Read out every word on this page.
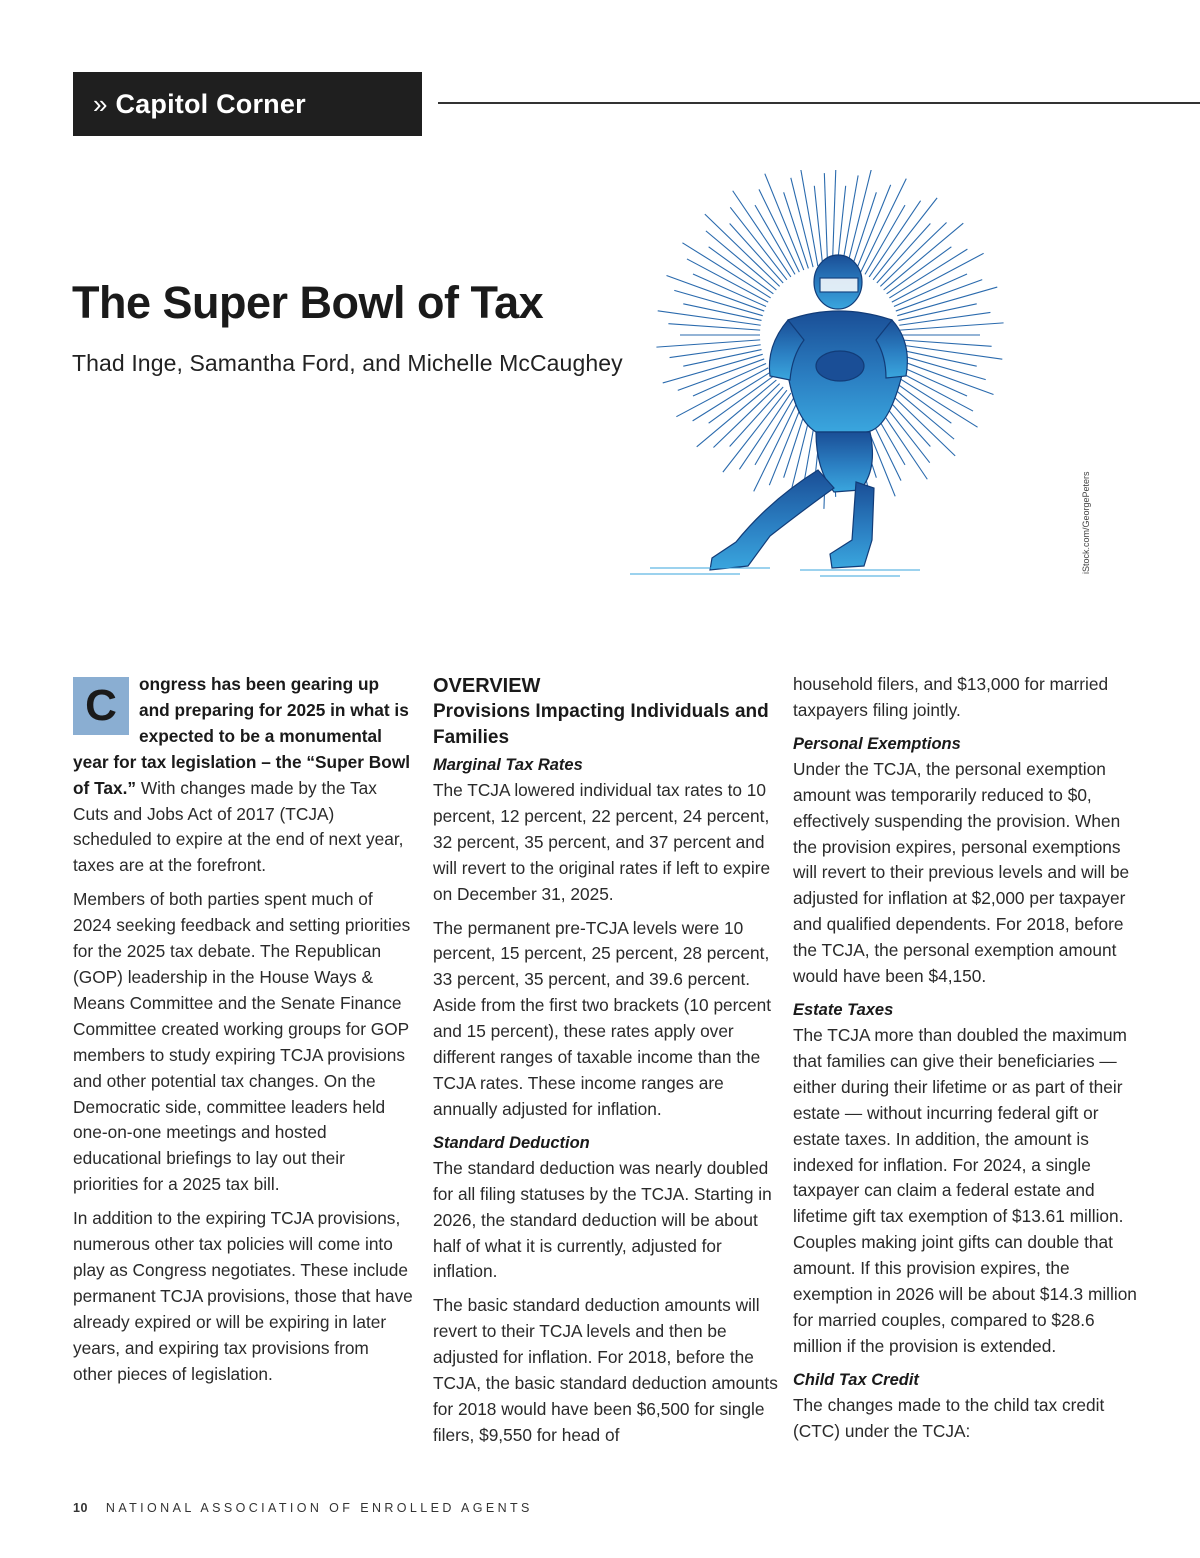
» Capitol Corner
The Super Bowl of Tax
Thad Inge, Samantha Ford, and Michelle McCaughey
iStock.com/GeorgePeters

C	ongress has been gearing up and preparing for 2025 in what is expected to be a monumental year for tax legislation – the “Super Bowl of Tax.” With changes made by the Tax Cuts and Jobs Act of 2017 (TCJA) scheduled to expire at the end of next year, taxes are at the forefront.

Members of both parties spent much of 2024 seeking feedback and setting priorities for the 2025 tax debate. The Republican (GOP) leadership in the House Ways & Means Committee and the Senate Finance Committee created working groups for GOP members to study expiring TCJA provisions and other potential tax changes. On the Democratic side, committee leaders held one-on-one meetings and hosted educational briefings to lay out their priorities for a 2025 tax bill.

In addition to the expiring TCJA provisions, numerous other tax policies will come into play as Congress negotiates. These include permanent TCJA provisions, those that have already expired or will be expiring in later years, and expiring tax provisions from other pieces of legislation.

OVERVIEW
Provisions Impacting Individuals and Families
Marginal Tax Rates

The TCJA lowered individual tax rates to 10 percent, 12 percent, 22 percent, 24 percent, 32 percent, 35 percent, and 37 percent and will revert to the original rates if left to expire on December 31, 2025.

The permanent pre-TCJA levels were 10 percent, 15 percent, 25 percent, 28 percent, 33 percent, 35 percent, and 39.6 percent. Aside from the first two brackets (10 percent and 15 percent), these rates apply over different ranges of taxable income than the TCJA rates. These income ranges are annually adjusted for inflation.

Standard Deduction

The standard deduction was nearly doubled for all filing statuses by the TCJA. Starting in 2026, the standard deduction will be about half of what it is currently, adjusted for inflation.

The basic standard deduction amounts will revert to their TCJA levels and then be adjusted for inflation. For 2018, before the TCJA, the basic standard deduction amounts for 2018 would have been $6,500 for single filers, $9,550 for head of

household filers, and $13,000 for married taxpayers filing jointly.

Personal Exemptions

Under the TCJA, the personal exemption amount was temporarily reduced to $0, effectively suspending the provision. When the provision expires, personal exemptions will revert to their previous levels and will be adjusted for inflation at $2,000 per taxpayer and qualified dependents. For 2018, before the TCJA, the personal exemption amount would have been $4,150.

Estate Taxes

The TCJA more than doubled the maximum that families can give their beneficiaries — either during their lifetime or as part of their estate — without incurring federal gift or estate taxes. In addition, the amount is indexed for inflation. For 2024, a single taxpayer can claim a federal estate and lifetime gift tax exemption of $13.61 million. Couples making joint gifts can double that amount. If this provision expires, the exemption in 2026 will be about $14.3 million for married couples, compared to $28.6 million if the provision is extended.

Child Tax Credit

The changes made to the child tax credit (CTC) under the TCJA:

10 NATIONAL ASSOCIATION OF ENROLLED AGENTS
